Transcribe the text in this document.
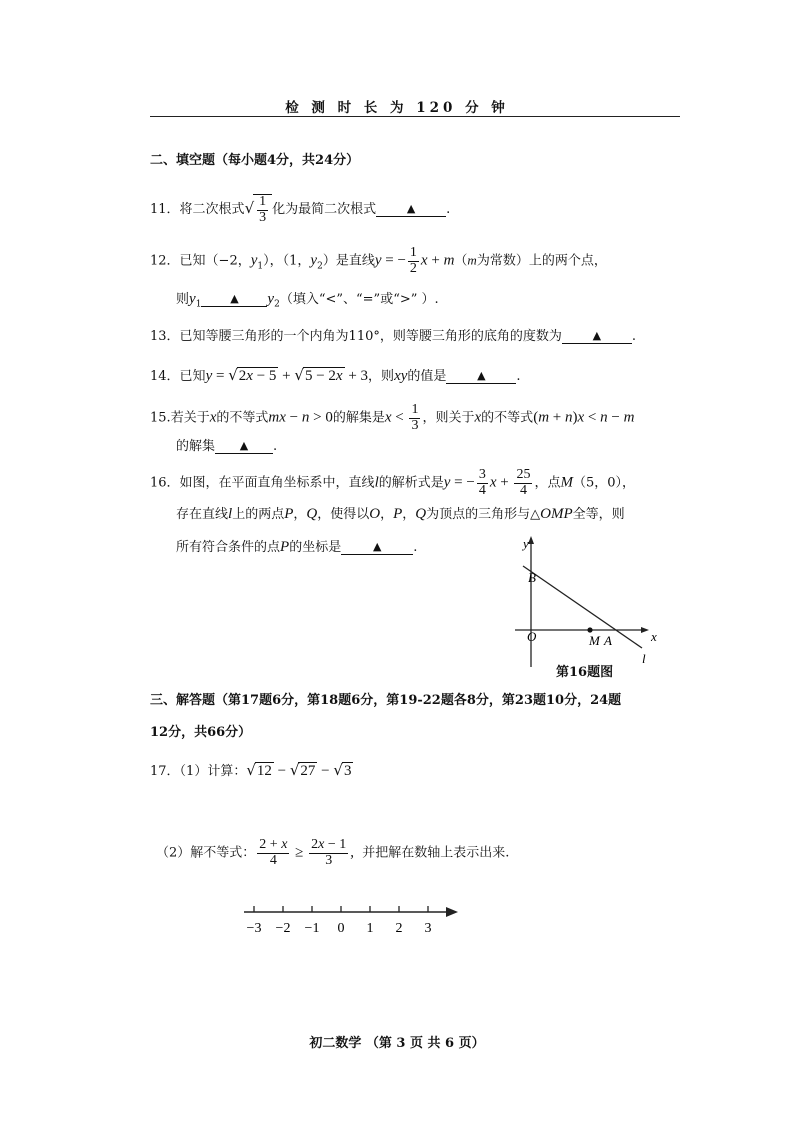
检 测 时 长 为 120 分 钟
二、填空题（每小题4分，共24分）
11．将二次根式√ $\frac{1}{3}$ 化为最简二次根式	▲ .
12．已知（−2，$y_1$），（1，$y_2$）是直线y = − $\frac{1}{2}$ x + m（m为常数）上的两个点，
则$y_1$	▲ $y_2$（填入“<”、“=”或“>” ）.
13．已知等腰三角形的一个内角为110°，则等腰三角形的底角的度数为	▲ .
14．已知y = √2x − 5 + √5 − 2x + 3，则xy的值是	▲ .
15.若关于x的不等式mx − n > 0的解集是$x < \frac{1}{3}$ ，则关于x的不等式(m + n)x < n − m
的解集 ▲ .
16．如图，在平面直角坐标系中，直线l的解析式是y = − $\frac{3}{4}$ $x + \frac{25}{4}$ ，点M（5，0），
存在直线l上的两点P，Q，使得以O，P，Q为顶点的三角形与△OMP全等，则
所有符合条件的点P的坐标是	▲ .	y
x
B
O	M A
l
第16题图
三、解答题（第17题6分，第18题6分，第19-22题各8分，第23题10分，24题
12分，共66分）
17．（1）计算：√12 − √27 − √3
（2）解不等式： $\frac{2 + x}{4} \ge \frac{2x - 1}{3}$ , 并把解在数轴上表示出来.
−3 −2 −1 0 1 2 3
初二数学 （第 3 页 共 6 页）
